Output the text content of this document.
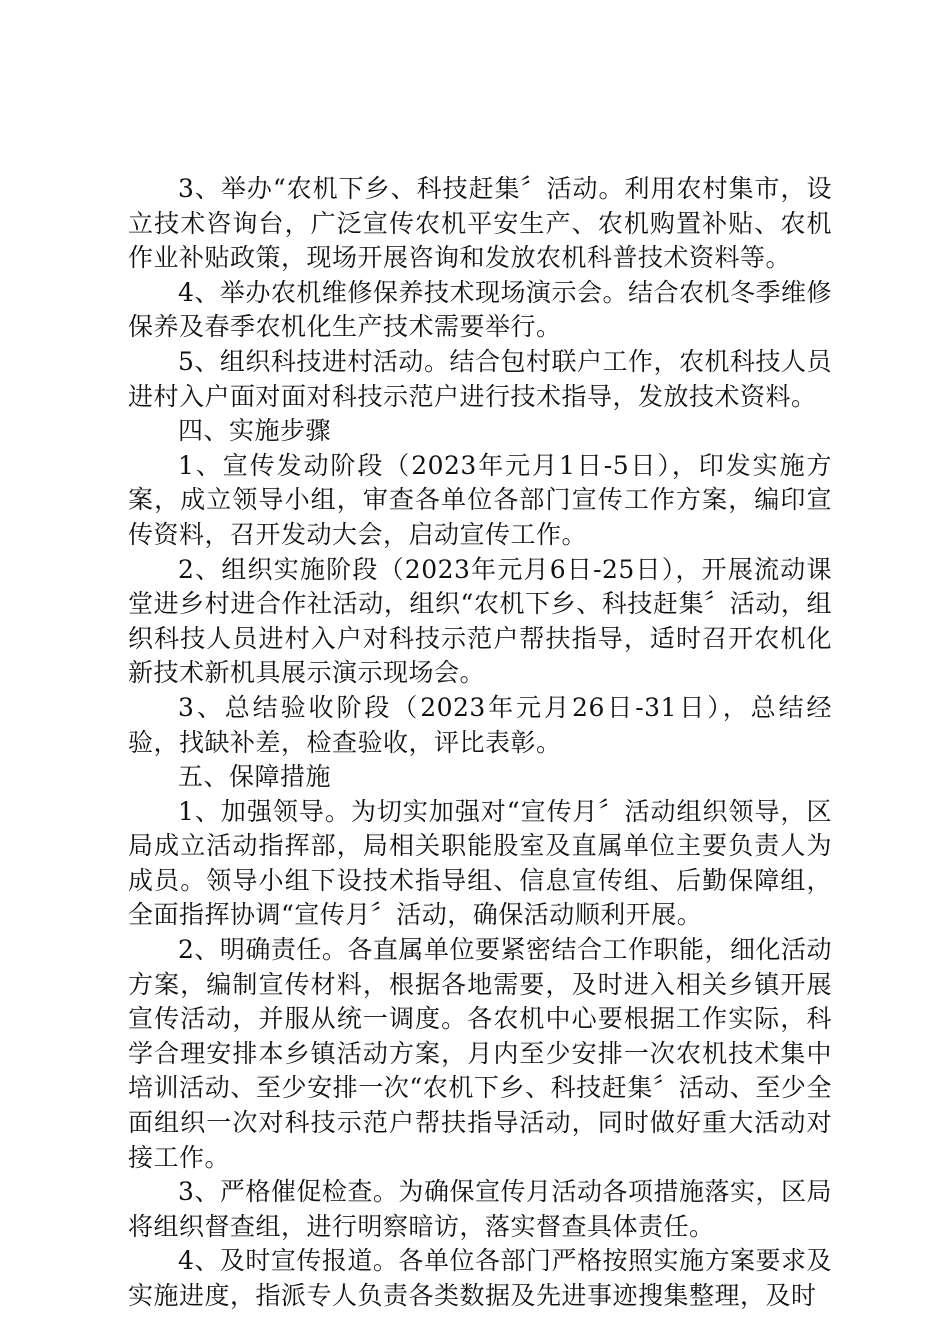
3、举办“农机下乡、科技赶集〞活动。利用农村集市，设立技术咨询台，广泛宣传农机平安生产、农机购置补贴、农机作业补贴政策，现场开展咨询和发放农机科普技术资料等。

4、举办农机维修保养技术现场演示会。结合农机冬季维修保养及春季农机化生产技术需要举行。

5、组织科技进村活动。结合包村联户工作，农机科技人员进村入户面对面对科技示范户进行技术指导，发放技术资料。

四、实施步骤

1、宣传发动阶段（2023年元月1日-5日），印发实施方案，成立领导小组，审查各单位各部门宣传工作方案，编印宣传资料，召开发动大会，启动宣传工作。

2、组织实施阶段（2023年元月6日-25日），开展流动课堂进乡村进合作社活动，组织“农机下乡、科技赶集〞活动，组织科技人员进村入户对科技示范户帮扶指导，适时召开农机化新技术新机具展示演示现场会。

3、总结验收阶段（2023年元月26日-31日），总结经验，找缺补差，检查验收，评比表彰。

五、保障措施

1、加强领导。为切实加强对“宣传月〞活动组织领导，区局成立活动指挥部，局相关职能股室及直属单位主要负责人为成员。领导小组下设技术指导组、信息宣传组、后勤保障组，全面指挥协调“宣传月〞活动，确保活动顺利开展。

2、明确责任。各直属单位要紧密结合工作职能，细化活动方案，编制宣传材料，根据各地需要，及时进入相关乡镇开展宣传活动，并服从统一调度。各农机中心要根据工作实际，科学合理安排本乡镇活动方案，月内至少安排一次农机技术集中培训活动、至少安排一次“农机下乡、科技赶集〞活动、至少全面组织一次对科技示范户帮扶指导活动，同时做好重大活动对接工作。

3、严格催促检查。为确保宣传月活动各项措施落实，区局将组织督查组，进行明察暗访，落实督查具体责任。

4、及时宣传报道。各单位各部门严格按照实施方案要求及实施进度，指派专人负责各类数据及先进事迹搜集整理，及时
